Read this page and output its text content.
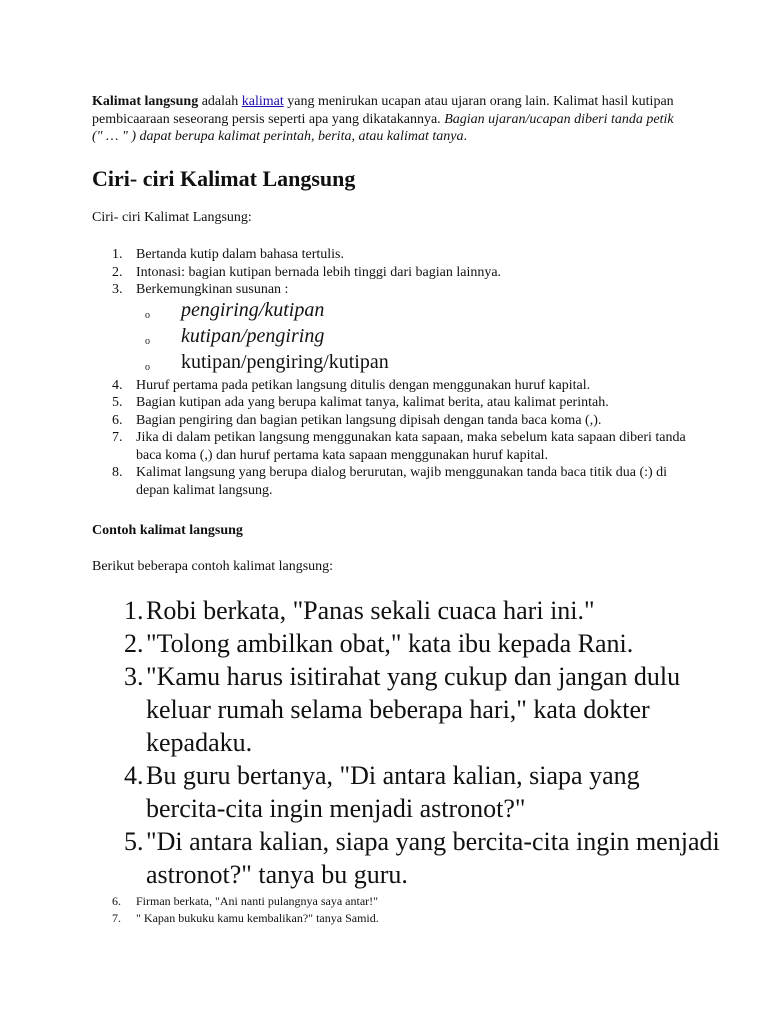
Kalimat langsung adalah kalimat yang menirukan ucapan atau ujaran orang lain. Kalimat hasil kutipan pembicaaraan seseorang persis seperti apa yang dikatakannya. Bagian ujaran/ucapan diberi tanda petik (" … " ) dapat berupa kalimat perintah, berita, atau kalimat tanya.

Ciri- ciri Kalimat Langsung
Ciri- ciri Kalimat Langsung:
1. Bertanda kutip dalam bahasa tertulis.
2. Intonasi: bagian kutipan bernada lebih tinggi dari bagian lainnya.
3. Berkemungkinan susunan :
o pengiring/kutipan
o kutipan/pengiring
o kutipan/pengiring/kutipan
4. Huruf pertama pada petikan langsung ditulis dengan menggunakan huruf kapital.
5. Bagian kutipan ada yang berupa kalimat tanya, kalimat berita, atau kalimat perintah.
6. Bagian pengiring dan bagian petikan langsung dipisah dengan tanda baca koma (,).
7. Jika di dalam petikan langsung menggunakan kata sapaan, maka sebelum kata sapaan diberi tanda baca koma (,) dan huruf pertama kata sapaan menggunakan huruf kapital.
8. Kalimat langsung yang berupa dialog berurutan, wajib menggunakan tanda baca titik dua (:) di depan kalimat langsung.
Contoh kalimat langsung
Berikut beberapa contoh kalimat langsung:
1. Robi berkata, "Panas sekali cuaca hari ini."
2. "Tolong ambilkan obat," kata ibu kepada Rani.
3. "Kamu harus isitirahat yang cukup dan jangan dulu keluar rumah selama beberapa hari," kata dokter kepadaku.
4. Bu guru bertanya, "Di antara kalian, siapa yang bercita-cita ingin menjadi astronot?"
5. "Di antara kalian, siapa yang bercita-cita ingin menjadi astronot?" tanya bu guru.
6. Firman berkata, "Ani nanti pulangnya saya antar!"
7. " Kapan bukuku kamu kembalikan?" tanya Samid.
